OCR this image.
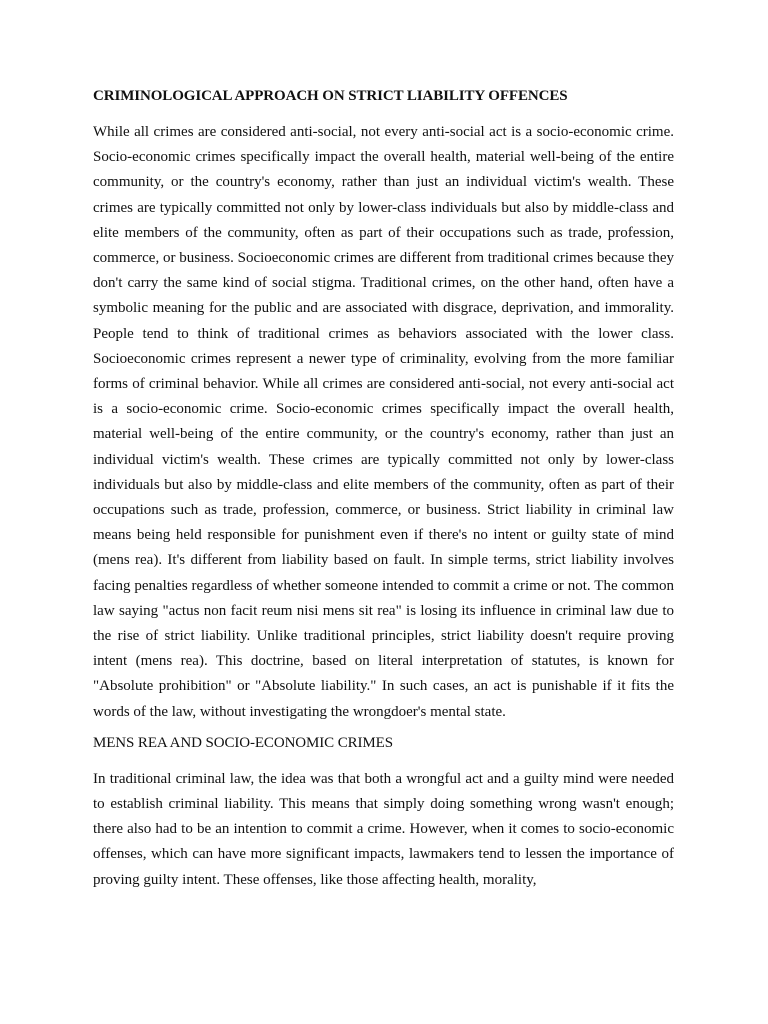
CRIMINOLOGICAL APPROACH ON STRICT LIABILITY OFFENCES

While all crimes are considered anti-social, not every anti-social act is a socio-economic crime. Socio-economic crimes specifically impact the overall health, material well-being of the entire community, or the country's economy, rather than just an individual victim's wealth. These crimes are typically committed not only by lower-class individuals but also by middle-class and elite members of the community, often as part of their occupations such as trade, profession, commerce, or business. Socioeconomic crimes are different from traditional crimes because they don't carry the same kind of social stigma. Traditional crimes, on the other hand, often have a symbolic meaning for the public and are associated with disgrace, deprivation, and immorality. People tend to think of traditional crimes as behaviors associated with the lower class. Socioeconomic crimes represent a newer type of criminality, evolving from the more familiar forms of criminal behavior. While all crimes are considered anti-social, not every anti-social act is a socio-economic crime. Socio-economic crimes specifically impact the overall health, material well-being of the entire community, or the country's economy, rather than just an individual victim's wealth. These crimes are typically committed not only by lower-class individuals but also by middle-class and elite members of the community, often as part of their occupations such as trade, profession, commerce, or business. Strict liability in criminal law means being held responsible for punishment even if there's no intent or guilty state of mind (mens rea). It's different from liability based on fault. In simple terms, strict liability involves facing penalties regardless of whether someone intended to commit a crime or not. The common law saying "actus non facit reum nisi mens sit rea" is losing its influence in criminal law due to the rise of strict liability. Unlike traditional principles, strict liability doesn't require proving intent (mens rea). This doctrine, based on literal interpretation of statutes, is known for "Absolute prohibition" or "Absolute liability." In such cases, an act is punishable if it fits the words of the law, without investigating the wrongdoer's mental state.

MENS REA AND SOCIO-ECONOMIC CRIMES

In traditional criminal law, the idea was that both a wrongful act and a guilty mind were needed to establish criminal liability. This means that simply doing something wrong wasn't enough; there also had to be an intention to commit a crime. However, when it comes to socio-economic offenses, which can have more significant impacts, lawmakers tend to lessen the importance of proving guilty intent. These offenses, like those affecting health, morality,
